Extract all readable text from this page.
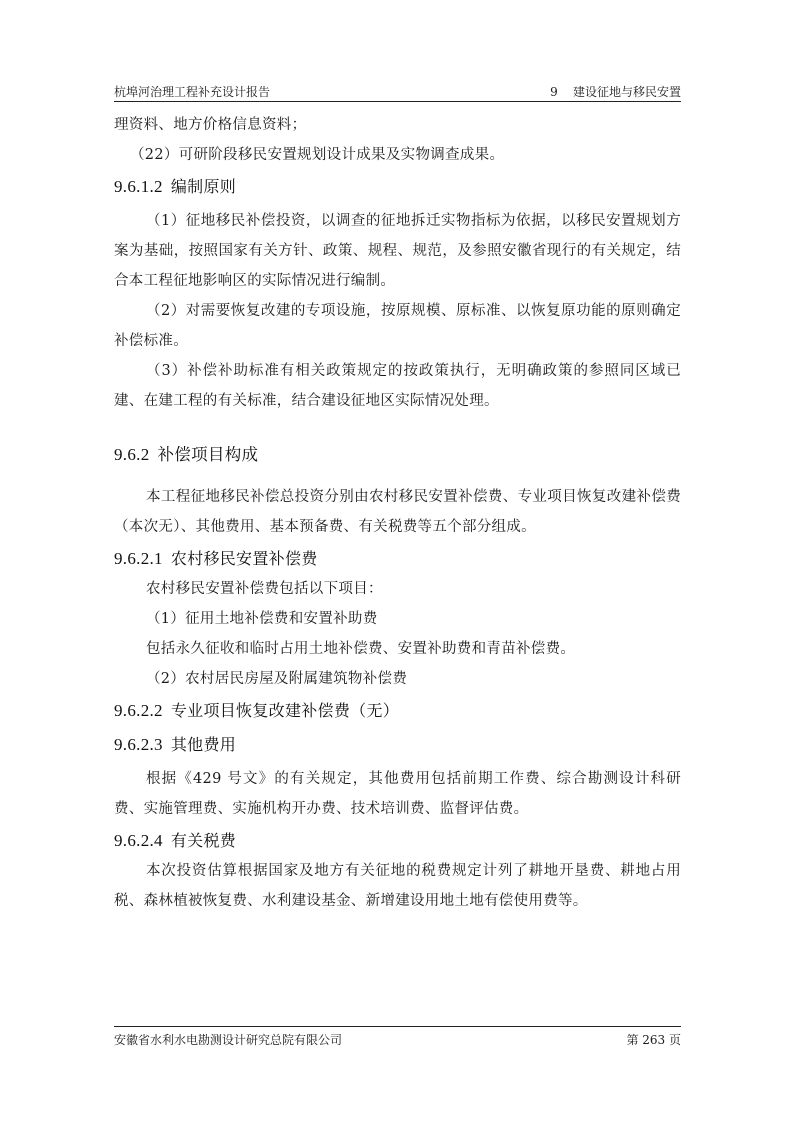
杭埠河治理工程补充设计报告	9    建设征地与移民安置

理资料、地方价格信息资料；

（22）可研阶段移民安置规划设计成果及实物调查成果。

9.6.1.2 编制原则

（1）征地移民补偿投资，以调查的征地拆迁实物指标为依据，以移民安置规划方案为基础，按照国家有关方针、政策、规程、规范，及参照安徽省现行的有关规定，结合本工程征地影响区的实际情况进行编制。

（2）对需要恢复改建的专项设施，按原规模、原标准、以恢复原功能的原则确定补偿标准。

（3）补偿补助标准有相关政策规定的按政策执行，无明确政策的参照同区域已建、在建工程的有关标准，结合建设征地区实际情况处理。

9.6.2 补偿项目构成

本工程征地移民补偿总投资分别由农村移民安置补偿费、专业项目恢复改建补偿费（本次无）、其他费用、基本预备费、有关税费等五个部分组成。

9.6.2.1 农村移民安置补偿费

农村移民安置补偿费包括以下项目：

（1）征用土地补偿费和安置补助费

包括永久征收和临时占用土地补偿费、安置补助费和青苗补偿费。

（2）农村居民房屋及附属建筑物补偿费

9.6.2.2 专业项目恢复改建补偿费（无）
9.6.2.3 其他费用

根据《429 号文》的有关规定，其他费用包括前期工作费、综合勘测设计科研费、实施管理费、实施机构开办费、技术培训费、监督评估费。

9.6.2.4 有关税费

本次投资估算根据国家及地方有关征地的税费规定计列了耕地开垦费、耕地占用税、森林植被恢复费、水利建设基金、新增建设用地土地有偿使用费等。

安徽省水利水电勘测设计研究总院有限公司	第 263 页
